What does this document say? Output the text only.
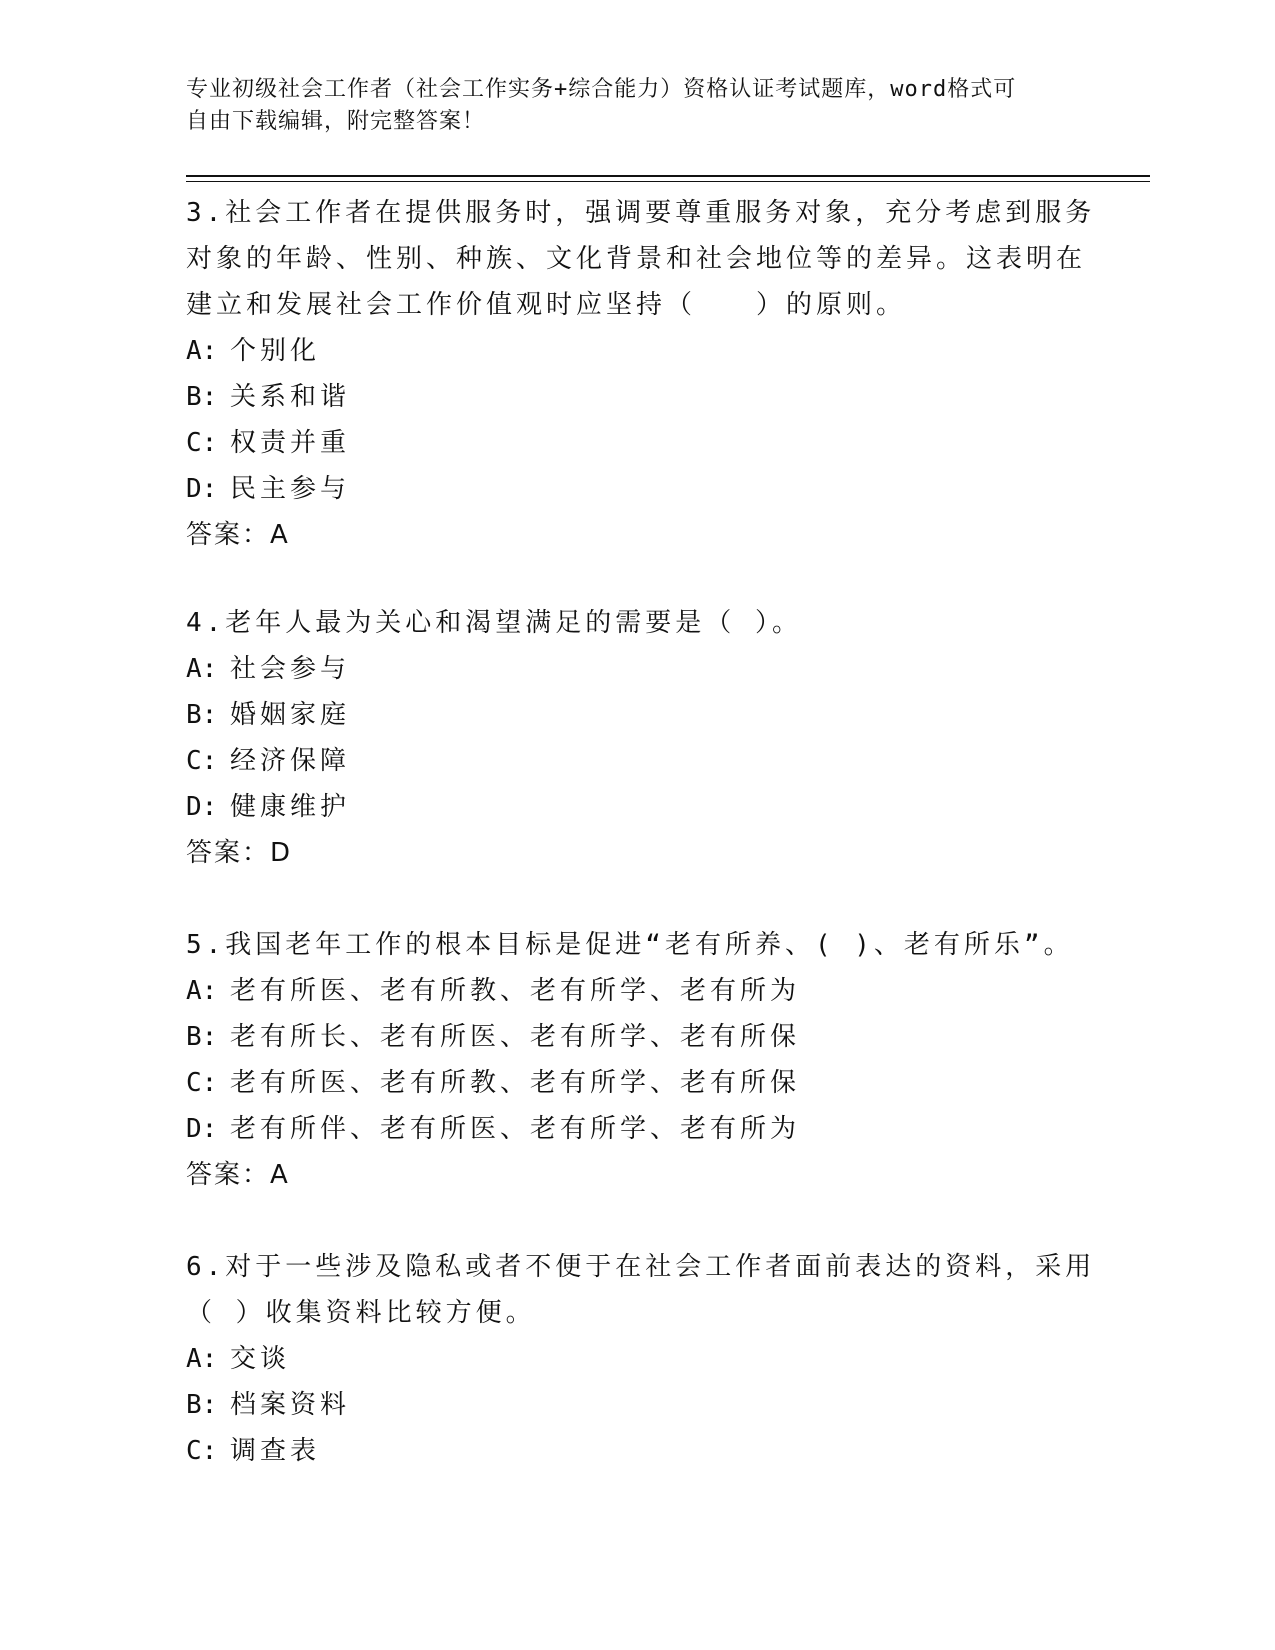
专业初级社会工作者（社会工作实务+综合能力）资格认证考试题库，word格式可
自由下载编辑，附完整答案！
3.社会工作者在提供服务时，强调要尊重服务对象，充分考虑到服务
对象的年龄、性别、种族、文化背景和社会地位等的差异。这表明在
建立和发展社会工作价值观时应坚持（　　）的原则。
A: 个别化
B: 关系和谐
C: 权责并重
D: 民主参与
答案：A
4.老年人最为关心和渴望满足的需要是（ ）。
A: 社会参与
B: 婚姻家庭
C: 经济保障
D: 健康维护
答案：D
5.我国老年工作的根本目标是促进“老有所养、( )、老有所乐”。
A: 老有所医、老有所教、老有所学、老有所为
B: 老有所长、老有所医、老有所学、老有所保
C: 老有所医、老有所教、老有所学、老有所保
D: 老有所伴、老有所医、老有所学、老有所为
答案：A
6.对于一些涉及隐私或者不便于在社会工作者面前表达的资料，采用
（ ）收集资料比较方便。
A: 交谈
B: 档案资料
C: 调查表
